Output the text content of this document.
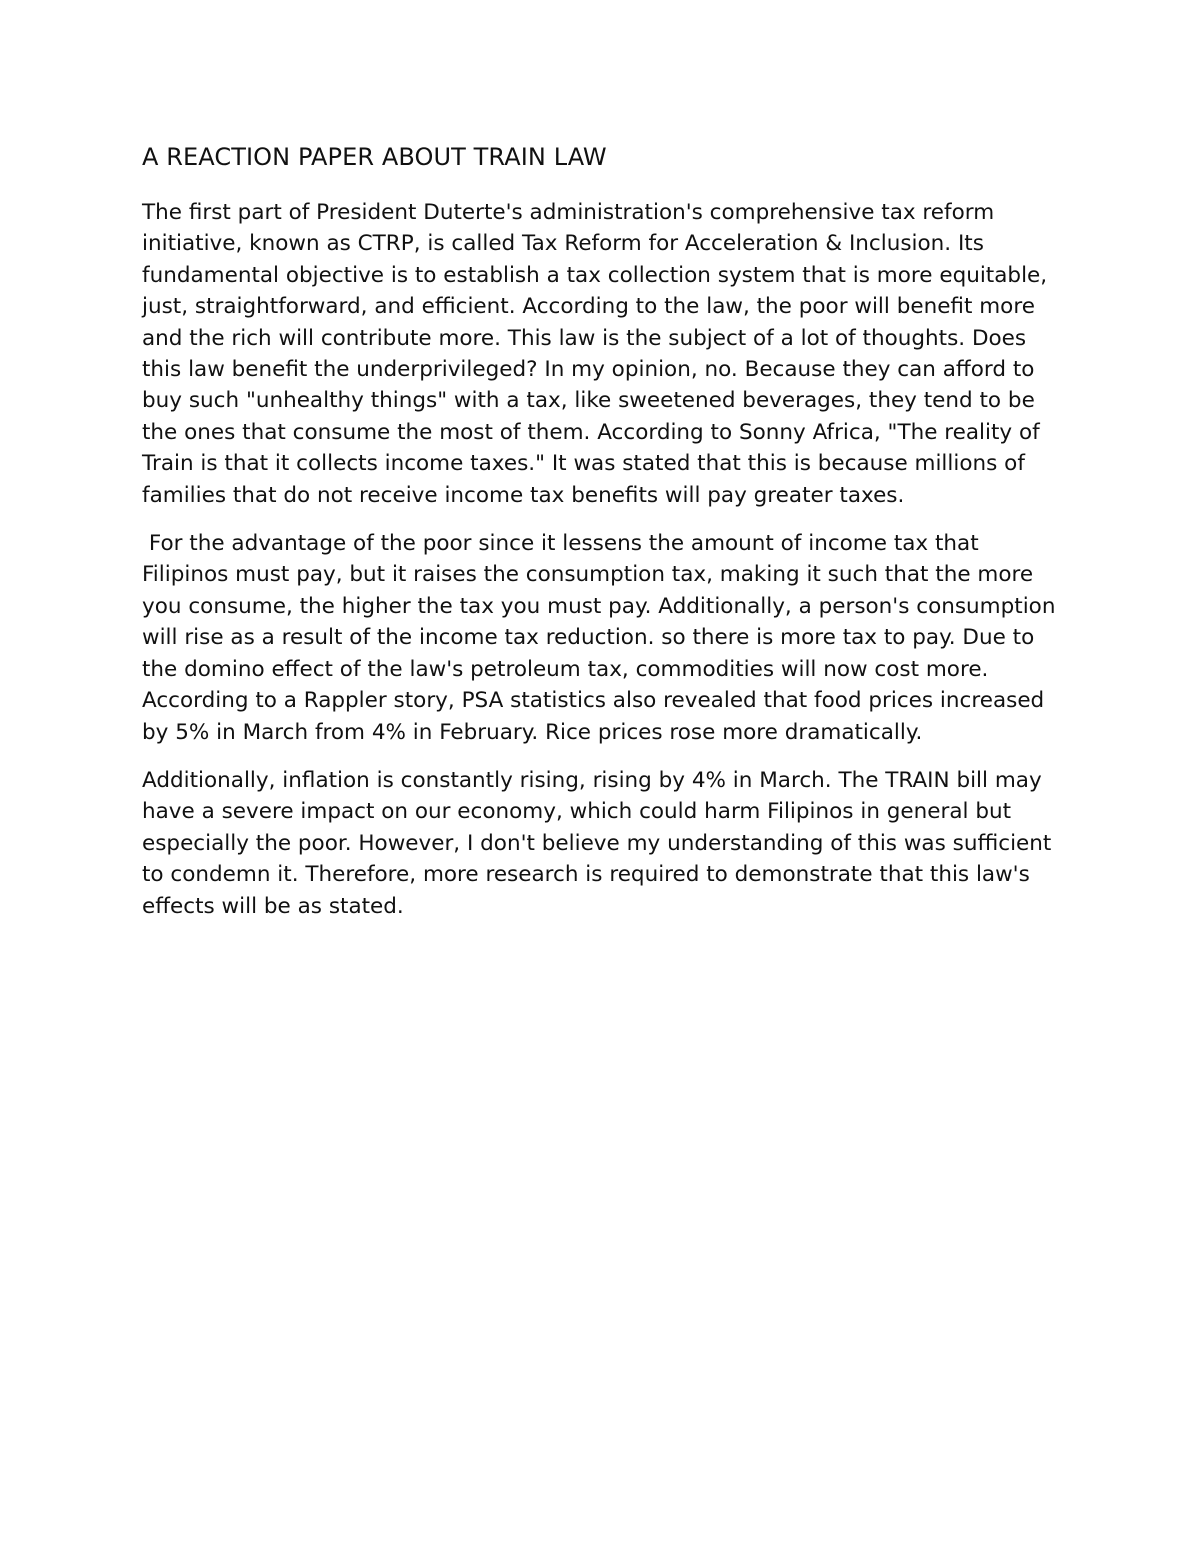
A REACTION PAPER ABOUT TRAIN LAW

The first part of President Duterte's administration's comprehensive tax reform initiative, known as CTRP, is called Tax Reform for Acceleration & Inclusion. Its fundamental objective is to establish a tax collection system that is more equitable, just, straightforward, and efficient. According to the law, the poor will benefit more and the rich will contribute more. This law is the subject of a lot of thoughts. Does this law benefit the underprivileged? In my opinion, no. Because they can afford to buy such "unhealthy things" with a tax, like sweetened beverages, they tend to be the ones that consume the most of them. According to Sonny Africa, "The reality of Train is that it collects income taxes." It was stated that this is because millions of families that do not receive income tax benefits will pay greater taxes.

For the advantage of the poor since it lessens the amount of income tax that Filipinos must pay, but it raises the consumption tax, making it such that the more you consume, the higher the tax you must pay. Additionally, a person's consumption will rise as a result of the income tax reduction. so there is more tax to pay. Due to the domino effect of the law's petroleum tax, commodities will now cost more. According to a Rappler story, PSA statistics also revealed that food prices increased by 5% in March from 4% in February. Rice prices rose more dramatically.

Additionally, inflation is constantly rising, rising by 4% in March. The TRAIN bill may have a severe impact on our economy, which could harm Filipinos in general but especially the poor. However, I don't believe my understanding of this was sufficient to condemn it. Therefore, more research is required to demonstrate that this law's effects will be as stated.
